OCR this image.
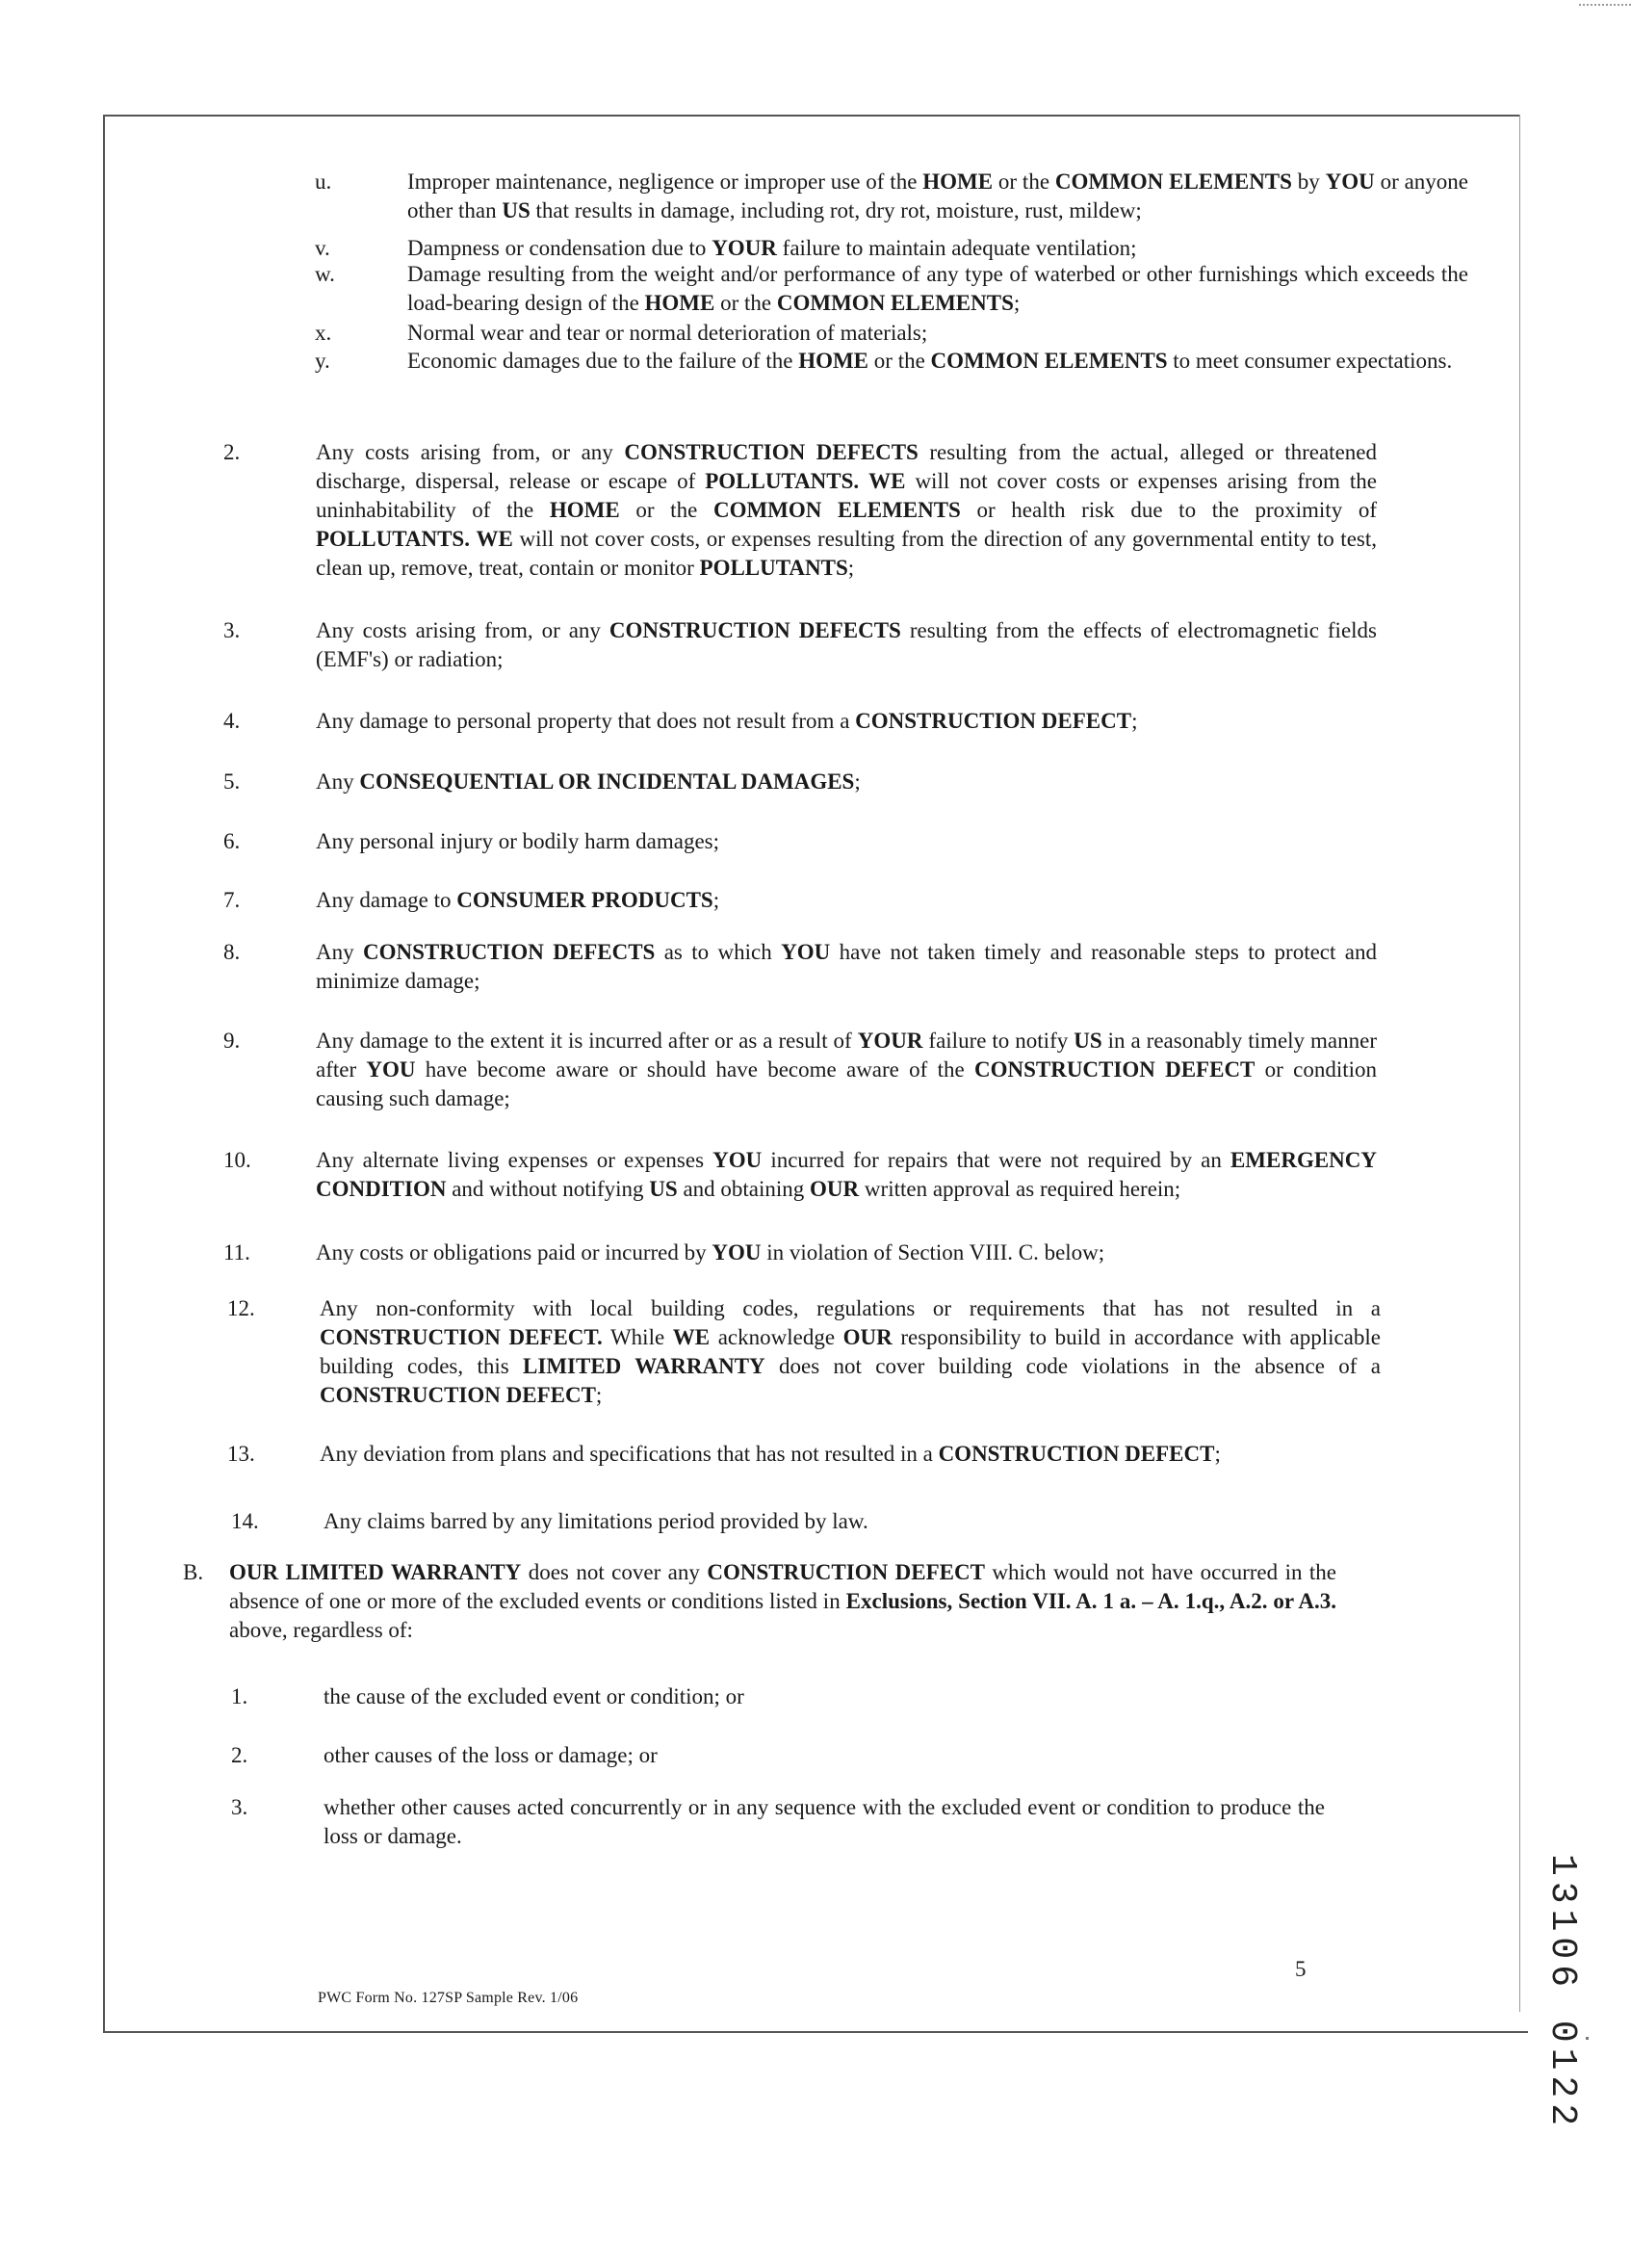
u.	Improper maintenance, negligence or improper use of the HOME or the COMMON ELEMENTS by YOU or anyone other than US that results in damage, including rot, dry rot, moisture, rust, mildew;
v.	Dampness or condensation due to YOUR failure to maintain adequate ventilation;
w.	Damage resulting from the weight and/or performance of any type of waterbed or other furnishings which exceeds the load-bearing design of the HOME or the COMMON ELEMENTS;
x.	Normal wear and tear or normal deterioration of materials;
y.	Economic damages due to the failure of the HOME or the COMMON ELEMENTS to meet consumer expectations.
2.	Any costs arising from, or any CONSTRUCTION DEFECTS resulting from the actual, alleged or threatened discharge, dispersal, release or escape of POLLUTANTS. WE will not cover costs or expenses arising from the uninhabitability of the HOME or the COMMON ELEMENTS or health risk due to the proximity of POLLUTANTS. WE will not cover costs, or expenses resulting from the direction of any governmental entity to test, clean up, remove, treat, contain or monitor POLLUTANTS;
3.	Any costs arising from, or any CONSTRUCTION DEFECTS resulting from the effects of electromagnetic fields (EMF's) or radiation;
4.	Any damage to personal property that does not result from a CONSTRUCTION DEFECT;
5.	Any CONSEQUENTIAL OR INCIDENTAL DAMAGES;
6.	Any personal injury or bodily harm damages;
7.	Any damage to CONSUMER PRODUCTS;
8.	Any CONSTRUCTION DEFECTS as to which YOU have not taken timely and reasonable steps to protect and minimize damage;
9.	Any damage to the extent it is incurred after or as a result of YOUR failure to notify US in a reasonably timely manner after YOU have become aware or should have become aware of the CONSTRUCTION DEFECT or condition causing such damage;
10.	Any alternate living expenses or expenses YOU incurred for repairs that were not required by an EMERGENCY CONDITION and without notifying US and obtaining OUR written approval as required herein;
11.	Any costs or obligations paid or incurred by YOU in violation of Section VIII. C. below;
12.	Any non-conformity with local building codes, regulations or requirements that has not resulted in a CONSTRUCTION DEFECT. While WE acknowledge OUR responsibility to build in accordance with applicable building codes, this LIMITED WARRANTY does not cover building code violations in the absence of a CONSTRUCTION DEFECT;
13.	Any deviation from plans and specifications that has not resulted in a CONSTRUCTION DEFECT;
14.	Any claims barred by any limitations period provided by law.
B. OUR LIMITED WARRANTY does not cover any CONSTRUCTION DEFECT which would not have occurred in the absence of one or more of the excluded events or conditions listed in Exclusions, Section VII. A. 1 a. – A. 1.q., A.2. or A.3. above, regardless of:
1.	the cause of the excluded event or condition; or
2.	other causes of the loss or damage; or
3.	whether other causes acted concurrently or in any sequence with the excluded event or condition to produce the loss or damage.
5
PWC Form No. 127SP Sample Rev. 1/06	13106 0122
